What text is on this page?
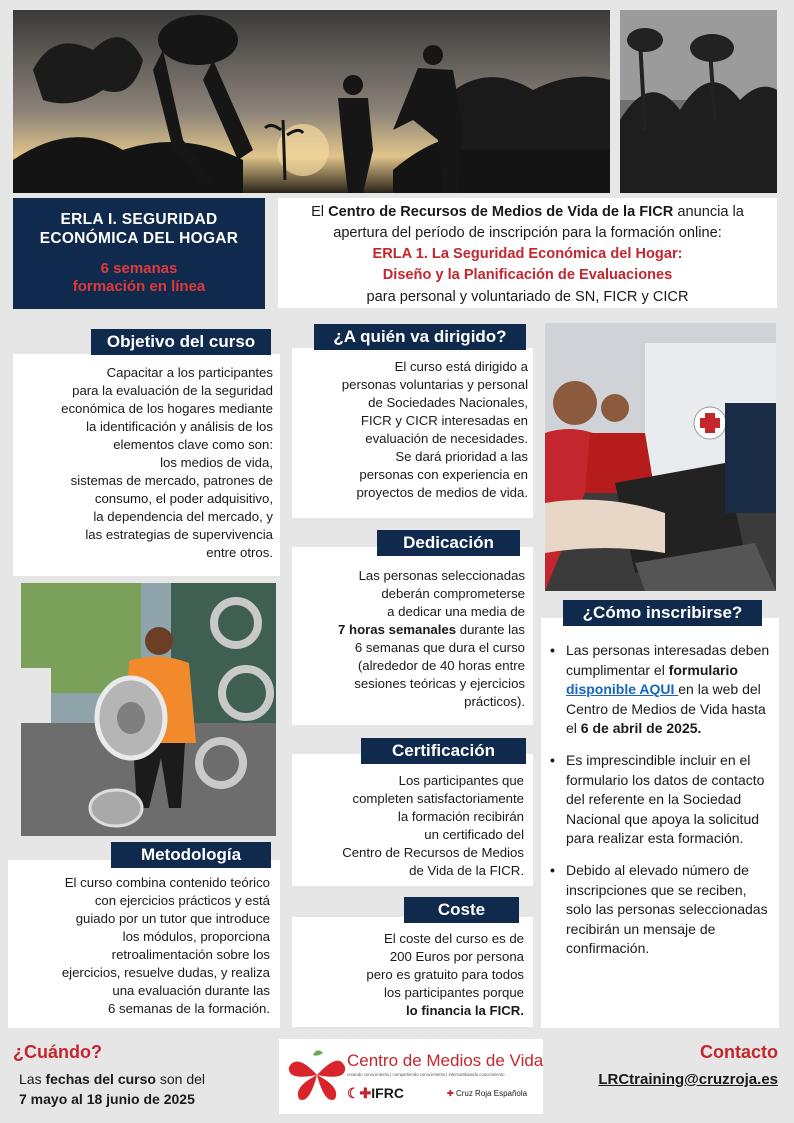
ERLA I. SEGURIDAD
ECONÓMICA DEL HOGAR
6 semanas
formación en línea
El Centro de Recursos de Medios de Vida de la FICR anuncia la apertura del período de inscripción para la formación online:
ERLA 1. La Seguridad Económica del Hogar:
Diseño y la Planificación de Evaluaciones
para personal y voluntariado de SN, FICR y CICR
Objetivo del curso
Capacitar a los participantes
para la evaluación de la seguridad
económica de los hogares mediante
la identificación y análisis de los
elementos clave como son:
los medios de vida,
sistemas de mercado, patrones de
consumo, el poder adquisitivo,
la dependencia del mercado, y
las estrategias de supervivencia
entre otros.
¿A quién va dirigido?
El curso está dirigido a
personas voluntarias y personal
de Sociedades Nacionales,
FICR y CICR interesadas en
evaluación de necesidades.
Se dará prioridad a las
personas con experiencia en
proyectos de medios de vida.
Dedicación
Las personas seleccionadas
deberán comprometerse
a dedicar una media de
7 horas semanales durante las
6 semanas que dura el curso
(alrededor de 40 horas entre
sesiones teóricas y ejercicios
prácticos).
Certificación
Los participantes que
completen satisfactoriamente
la formación recibirán
un certificado del
Centro de Recursos de Medios
de Vida de la FICR.
Metodología
El curso combina contenido teórico
con ejercicios prácticos y está
guiado por un tutor que introduce
los módulos, proporciona
retroalimentación sobre los
ejercicios, resuelve dudas, y realiza
una evaluación durante las
6 semanas de la formación.
Coste
El coste del curso es de
200 Euros por persona
pero es gratuito para todos
los participantes porque
lo financia la FICR.
¿Cómo inscribirse?
• Las personas interesadas deben cumplimentar el formulario disponible AQUI en la web del Centro de Medios de Vida hasta el 6 de abril de 2025.
• Es imprescindible incluir en el formulario los datos de contacto del referente en la Sociedad Nacional que apoya la solicitud para realizar esta formación.
• Debido al elevado número de inscripciones que se reciben, solo las personas seleccionadas recibirán un mensaje de confirmación.
¿Cuándo?
Las fechas del curso son del
7 mayo al 18 junio de 2025
Centro de Medios de Vida
creando conocimiento | compartiendo conocimiento | intercambiando conocimiento
☾✚IFRC	✚ Cruz Roja Española
Contacto
LRCtraining@cruzroja.es
